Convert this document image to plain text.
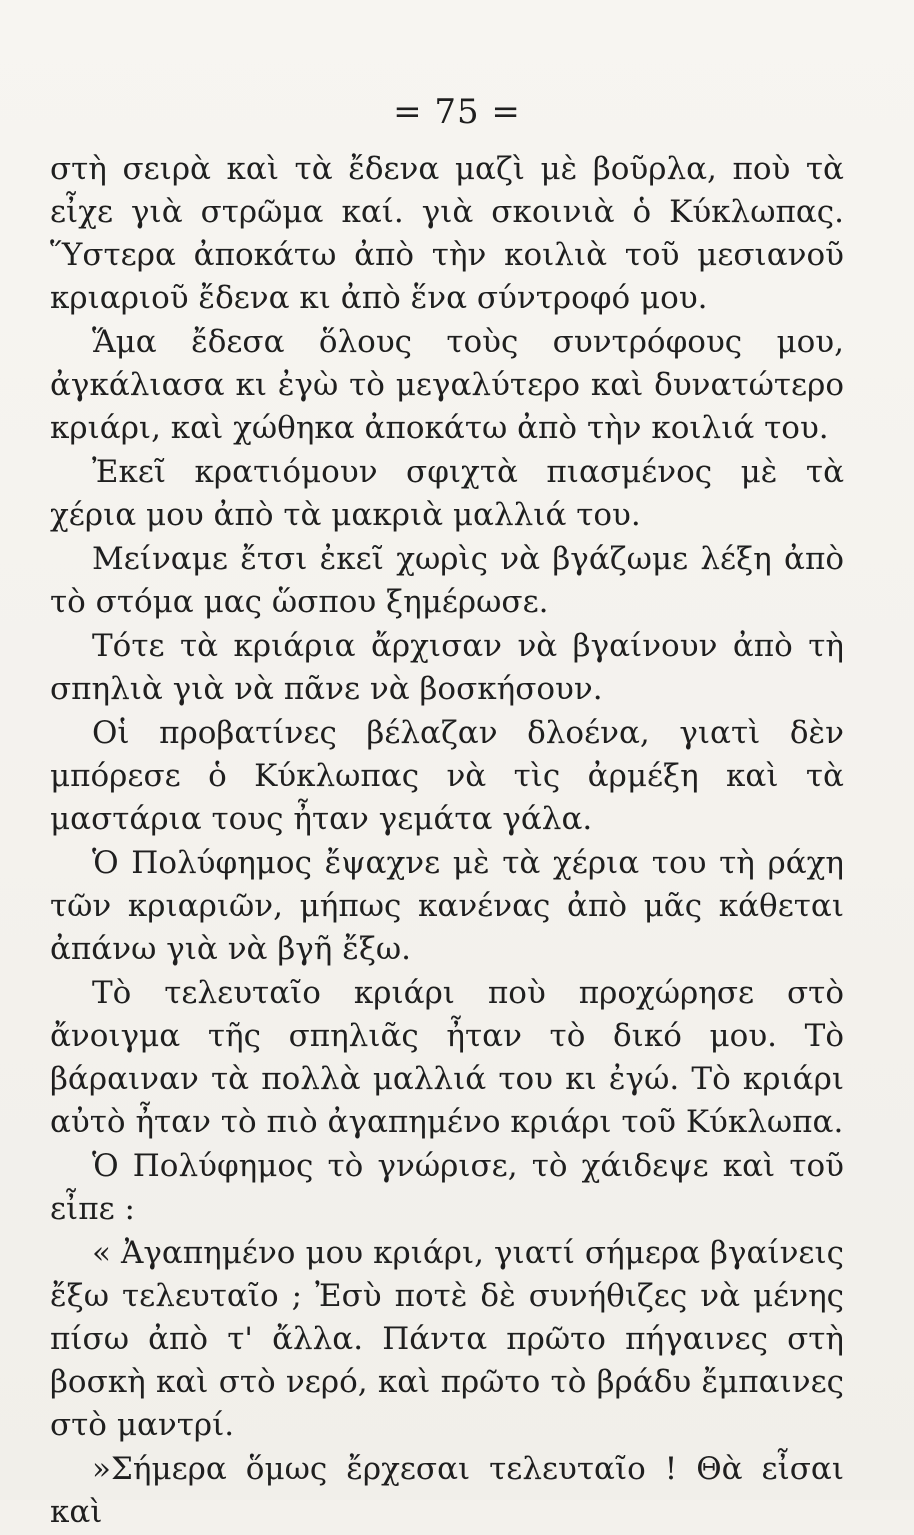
= 75 =

στὴ σειρὰ καὶ τὰ ἔδενα μαζὶ μὲ βοῦρλα, ποὺ τὰ εἶχε γιὰ στρῶμα καί. γιὰ σκοινιὰ ὁ Κύκλωπας. Ὕστερα ἀποκάτω ἀπὸ τὴν κοιλιὰ τοῦ μεσιανοῦ κριαριοῦ ἔδενα κι ἀπὸ ἕνα σύντροφό μου.

Ἅμα ἔδεσα ὅλους τοὺς συντρόφους μου, ἀγκάλιασα κι ἐγὼ τὸ μεγαλύτερο καὶ δυνατώτερο κριάρι, καὶ χώθηκα ἀποκάτω ἀπὸ τὴν κοιλιά του.

Ἐκεῖ κρατιόμουν σφιχτὰ πιασμένος μὲ τὰ χέρια μου ἀπὸ τὰ μακριὰ μαλλιά του.

Μείναμε ἔτσι ἐκεῖ χωρὶς νὰ βγάζωμε λέξη ἀπὸ τὸ στόμα μας ὥσπου ξημέρωσε.

Τότε τὰ κριάρια ἄρχισαν νὰ βγαίνουν ἀπὸ τὴ σπηλιὰ γιὰ νὰ πᾶνε νὰ βοσκήσουν.

Οἱ προβατίνες βέλαζαν δλοένα, γιατὶ δὲν μπόρεσε ὁ Κύκλωπας νὰ τὶς ἀρμέξη καὶ τὰ μαστάρια τους ἦταν γεμάτα γάλα.

Ὁ Πολύφημος ἔψαχνε μὲ τὰ χέρια του τὴ ράχη τῶν κριαριῶν, μήπως κανένας ἀπὸ μᾶς κάθεται ἀπάνω γιὰ νὰ βγῆ ἔξω.

Τὸ τελευταῖο κριάρι ποὺ προχώρησε στὸ ἄνοιγμα τῆς σπηλιᾶς ἦταν τὸ δικό μου. Τὸ βάραιναν τὰ πολλὰ μαλλιά του κι ἐγώ. Τὸ κριάρι αὐτὸ ἦταν τὸ πιὸ ἀγαπημένο κριάρι τοῦ Κύκλωπα.

Ὁ Πολύφημος τὸ γνώρισε, τὸ χάιδεψε καὶ τοῦ εἶπε :

« Ἀγαπημένο μου κριάρι, γιατί σήμερα βγαίνεις ἔξω τελευταῖο ; Ἐσὺ ποτὲ δὲ συνήθιζες νὰ μένης πίσω ἀπὸ τ' ἄλλα. Πάντα πρῶτο πήγαινες στὴ βοσκὴ καὶ στὸ νερό, καὶ πρῶτο τὸ βράδυ ἔμπαινες στὸ μαντρί.

»Σήμερα ὅμως ἔρχεσαι τελευταῖο ! Θὰ εἶσαι καὶ
